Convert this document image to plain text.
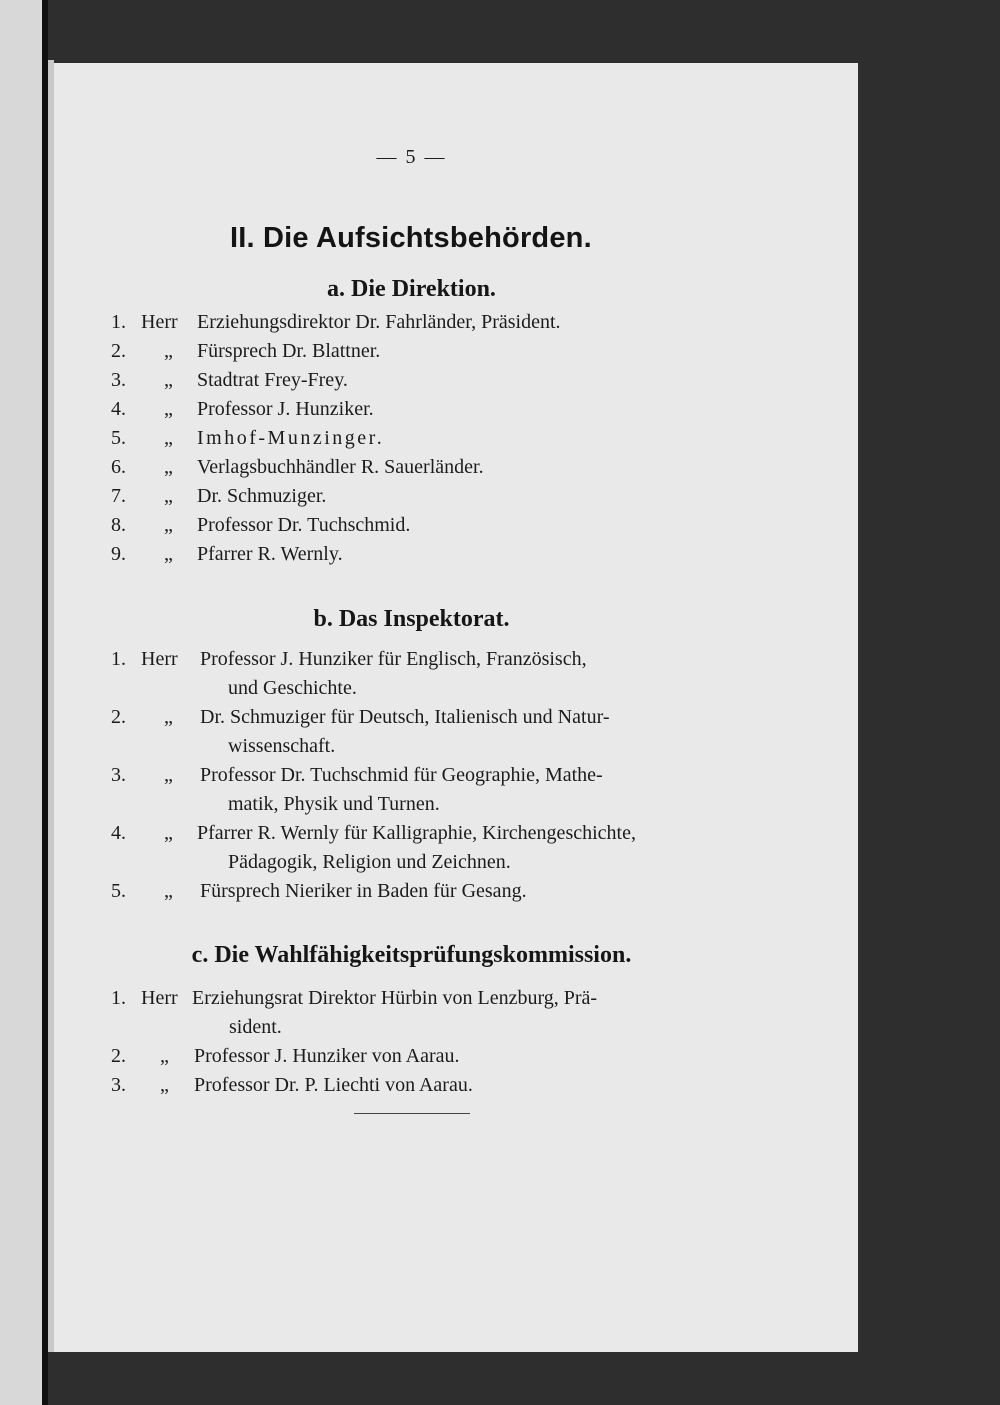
— 5 —
II. Die Aufsichtsbehörden.
a. Die Direktion.
1. Herr Erziehungsdirektor Dr. Fahrländer, Präsident.
2. „ Fürsprech Dr. Blattner.
3. „ Stadtrat Frey-Frey.
4. „ Professor J. Hunziker.
5. „ Imhof-Munzinger.
6. „ Verlagsbuchhändler R. Sauerländer.
7. „ Dr. Schmuziger.
8. „ Professor Dr. Tuchschmid.
9. „ Pfarrer R. Wernly.
b. Das Inspektorat.
1. Herr Professor J. Hunziker für Englisch, Französisch,
und Geschichte.
2. „ Dr. Schmuziger für Deutsch, Italienisch und Natur-
wissenschaft.
3. „ Professor Dr. Tuchschmid für Geographie, Mathe-
matik, Physik und Turnen.
4. „ Pfarrer R. Wernly für Kalligraphie, Kirchengeschichte,
Pädagogik, Religion und Zeichnen.
5. „ Fürsprech Nieriker in Baden für Gesang.
c. Die Wahlfähigkeitsprüfungskommission.
1. Herr Erziehungsrat Direktor Hürbin von Lenzburg, Prä-
sident.
2. „ Professor J. Hunziker von Aarau.
3. „ Professor Dr. P. Liechti von Aarau.
